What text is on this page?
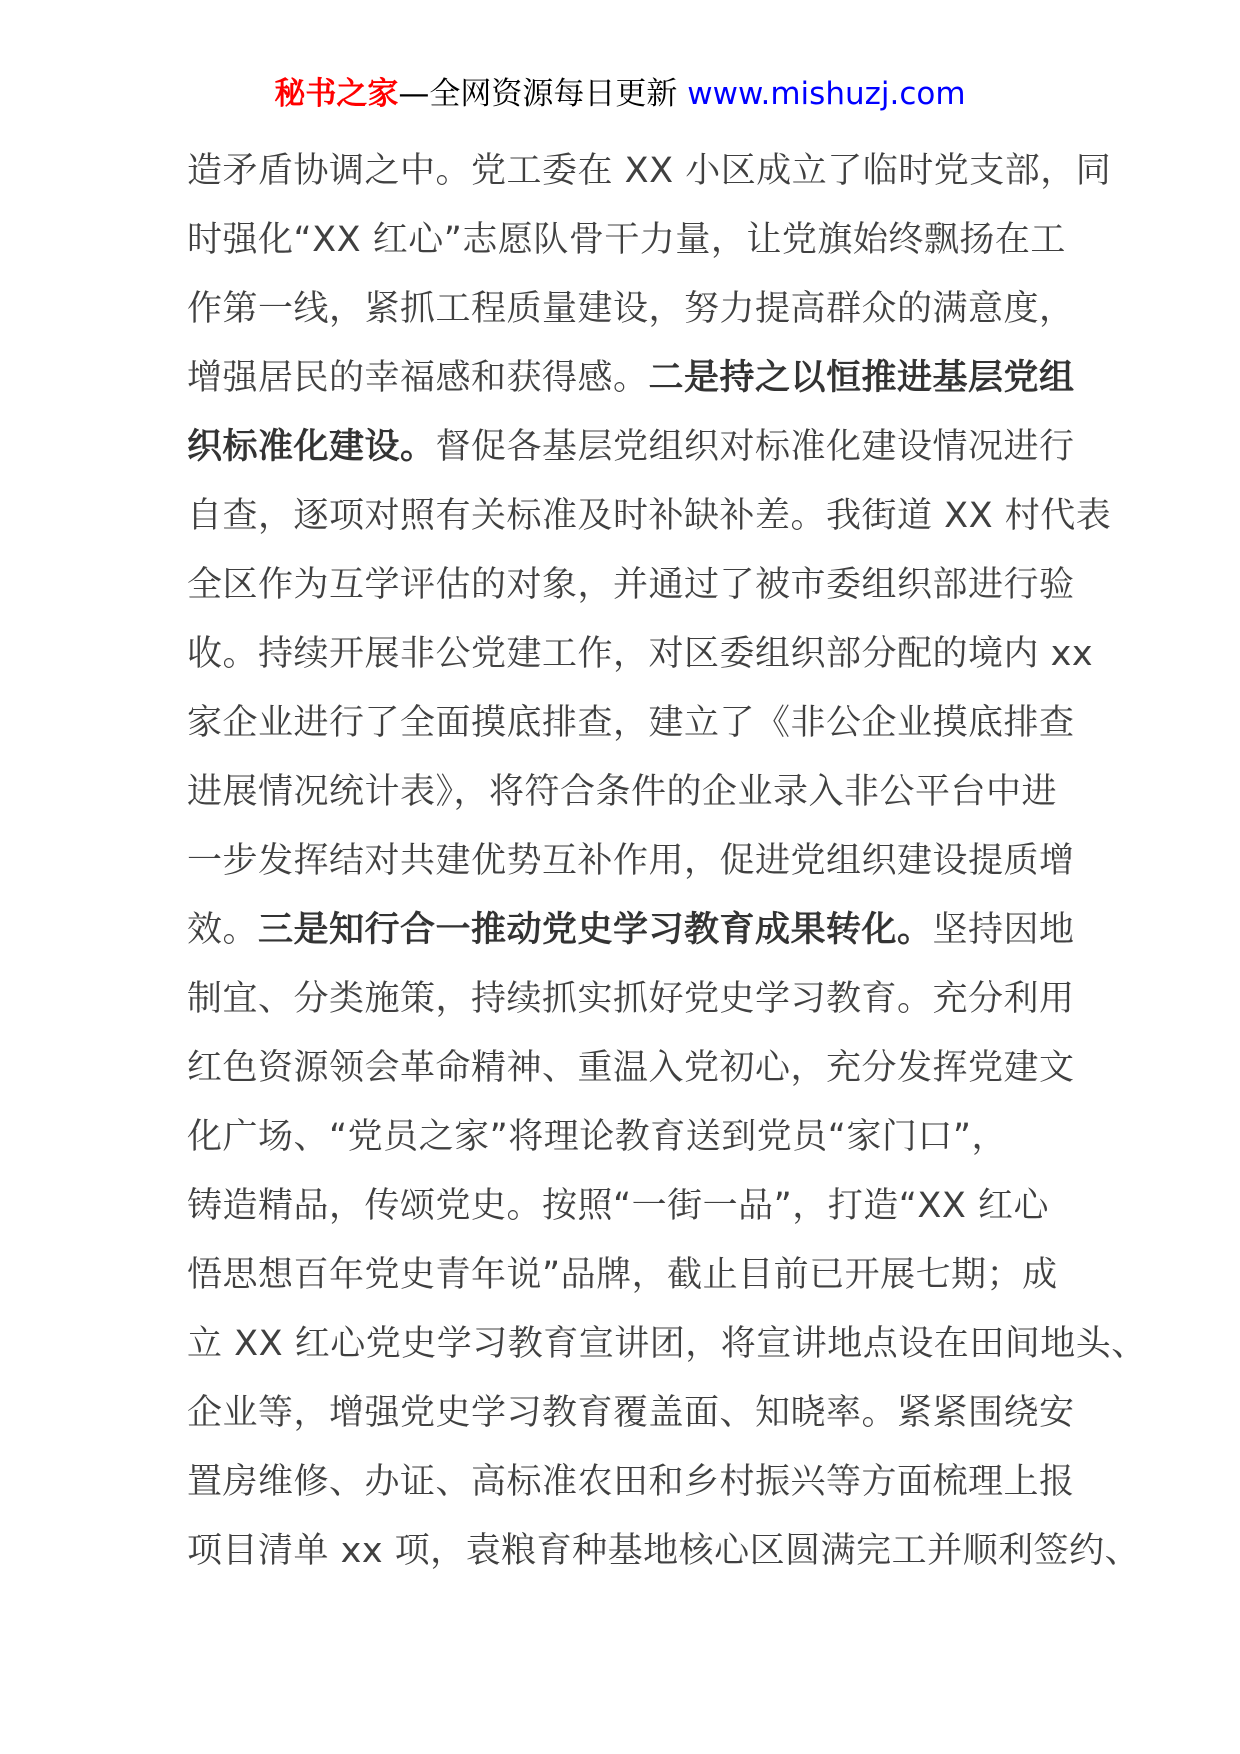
秘书之家—全网资源每日更新 www.mishuzj.com
造矛盾协调之中。党工委在 XX 小区成立了临时党支部，同
时强化“XX 红心”志愿队骨干力量，让党旗始终飘扬在工
作第一线，紧抓工程质量建设，努力提高群众的满意度，
增强居民的幸福感和获得感。二是持之以恒推进基层党组
织标准化建设。督促各基层党组织对标准化建设情况进行
自查，逐项对照有关标准及时补缺补差。我街道 XX 村代表
全区作为互学评估的对象，并通过了被市委组织部进行验
收。持续开展非公党建工作，对区委组织部分配的境内 xx
家企业进行了全面摸底排查，建立了《非公企业摸底排查
进展情况统计表》，将符合条件的企业录入非公平台中进
一步发挥结对共建优势互补作用，促进党组织建设提质增
效。三是知行合一推动党史学习教育成果转化。坚持因地
制宜、分类施策，持续抓实抓好党史学习教育。充分利用
红色资源领会革命精神、重温入党初心，充分发挥党建文
化广场、“党员之家”将理论教育送到党员“家门口”，
铸造精品，传颂党史。按照“一街一品”，打造“XX 红心
悟思想百年党史青年说”品牌，截止目前已开展七期；成
立 XX 红心党史学习教育宣讲团，将宣讲地点设在田间地头、
企业等，增强党史学习教育覆盖面、知晓率。紧紧围绕安
置房维修、办证、高标准农田和乡村振兴等方面梳理上报
项目清单 xx 项，袁粮育种基地核心区圆满完工并顺利签约、
